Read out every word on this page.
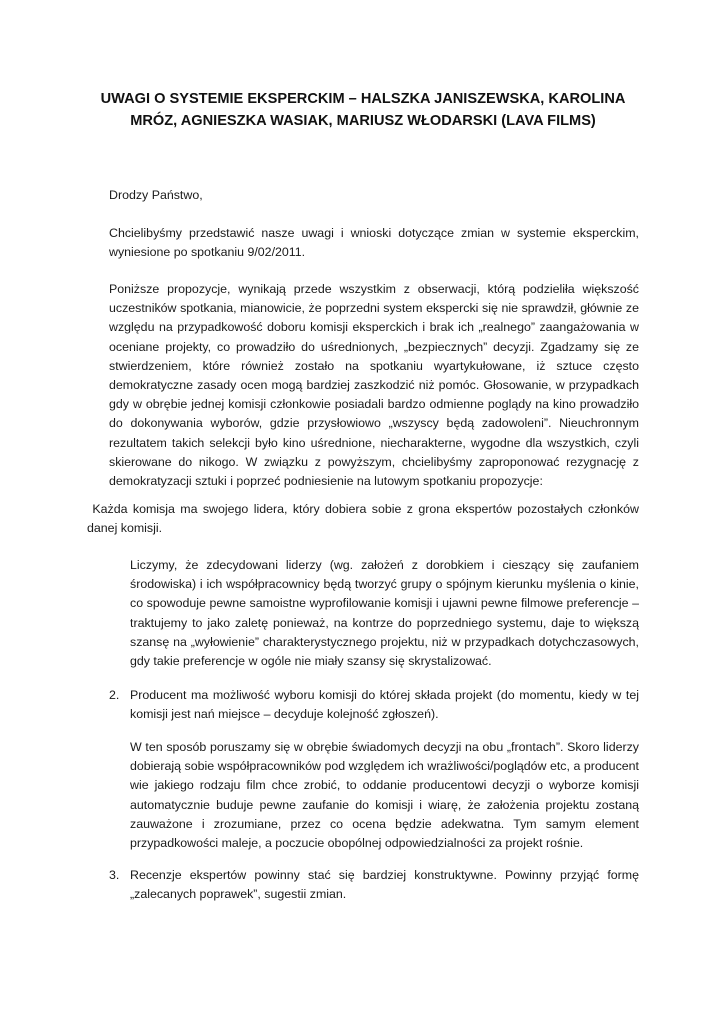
UWAGI O SYSTEMIE EKSPERCKIM – HALSZKA JANISZEWSKA, KAROLINA
MRÓZ, AGNIESZKA WASIAK, MARIUSZ WŁODARSKI (LAVA FILMS)

Drodzy Państwo,

Chcielibyśmy przedstawić nasze uwagi i wnioski dotyczące zmian w systemie eksperckim, wyniesione po spotkaniu 9/02/2011.

Poniższe propozycje, wynikają przede wszystkim z obserwacji, którą podzieliła większość uczestników spotkania, mianowicie, że poprzedni system ekspercki się nie sprawdził, głównie ze względu na przypadkowość doboru komisji eksperckich i brak ich „realnego” zaangażowania w oceniane projekty, co prowadziło do uśrednionych, „bezpiecznych” decyzji. Zgadzamy się ze stwierdzeniem, które również zostało na spotkaniu wyartykułowane, iż sztuce często demokratyczne zasady ocen mogą bardziej zaszkodzić niż pomóc. Głosowanie, w przypadkach gdy w obrębie jednej komisji członkowie posiadali bardzo odmienne poglądy na kino prowadziło do dokonywania wyborów, gdzie przysłowiowo „wszyscy będą zadowoleni”. Nieuchronnym rezultatem takich selekcji było kino uśrednione, niecharakterne, wygodne dla wszystkich, czyli skierowane do nikogo. W związku z powyższym, chcielibyśmy zaproponować rezygnację z demokratyzacji sztuki i poprzeć podniesienie na lutowym spotkaniu propozycje:

Każda komisja ma swojego lidera, który dobiera sobie z grona ekspertów pozostałych członków danej komisji.

Liczymy, że zdecydowani liderzy (wg. założeń z dorobkiem i cieszący się zaufaniem środowiska) i ich współpracownicy będą tworzyć grupy o spójnym kierunku myślenia o kinie, co spowoduje pewne samoistne wyprofilowanie komisji i ujawni pewne filmowe preferencje – traktujemy to jako zaletę ponieważ, na kontrze do poprzedniego systemu, daje to większą szansę na „wyłowienie” charakterystycznego projektu, niż w przypadkach dotychczasowych, gdy takie preferencje w ogóle nie miały szansy się skrystalizować.

2. Producent ma możliwość wyboru komisji do której składa projekt (do momentu, kiedy w tej komisji jest nań miejsce – decyduje kolejność zgłoszeń).

W ten sposób poruszamy się w obrębie świadomych decyzji na obu „frontach”. Skoro liderzy dobierają sobie współpracowników pod względem ich wrażliwości/poglądów etc, a producent wie jakiego rodzaju film chce zrobić, to oddanie producentowi decyzji o wyborze komisji automatycznie buduje pewne zaufanie do komisji i wiarę, że założenia projektu zostaną zauważone i zrozumiane, przez co ocena będzie adekwatna. Tym samym element przypadkowości maleje, a poczucie obopólnej odpowiedzialności za projekt rośnie.

3. Recenzje ekspertów powinny stać się bardziej konstruktywne. Powinny przyjąć formę „zalecanych poprawek”, sugestii zmian.
